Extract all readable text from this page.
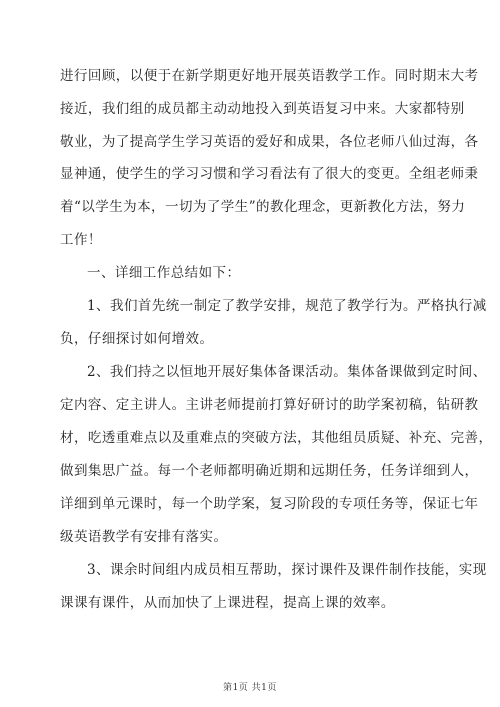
进行回顾，以便于在新学期更好地开展英语教学工作。同时期末大考
接近，我们组的成员都主动动地投入到英语复习中来。大家都特别
敬业，为了提高学生学习英语的爱好和成果，各位老师八仙过海，各
显神通，使学生的学习习惯和学习看法有了很大的变更。全组老师秉
着“以学生为本，一切为了学生”的教化理念，更新教化方法，努力
工作！
一、详细工作总结如下：
1、我们首先统一制定了教学安排，规范了教学行为。严格执行减
负，仔细探讨如何增效。
2、我们持之以恒地开展好集体备课活动。集体备课做到定时间、
定内容、定主讲人。主讲老师提前打算好研讨的助学案初稿，钻研教
材，吃透重难点以及重难点的突破方法，其他组员质疑、补充、完善，
做到集思广益。每一个老师都明确近期和远期任务，任务详细到人，
详细到单元课时，每一个助学案，复习阶段的专项任务等，保证七年
级英语教学有安排有落实。
3、课余时间组内成员相互帮助，探讨课件及课件制作技能，实现
课课有课件，从而加快了上课进程，提高上课的效率。
第1页 共1页
